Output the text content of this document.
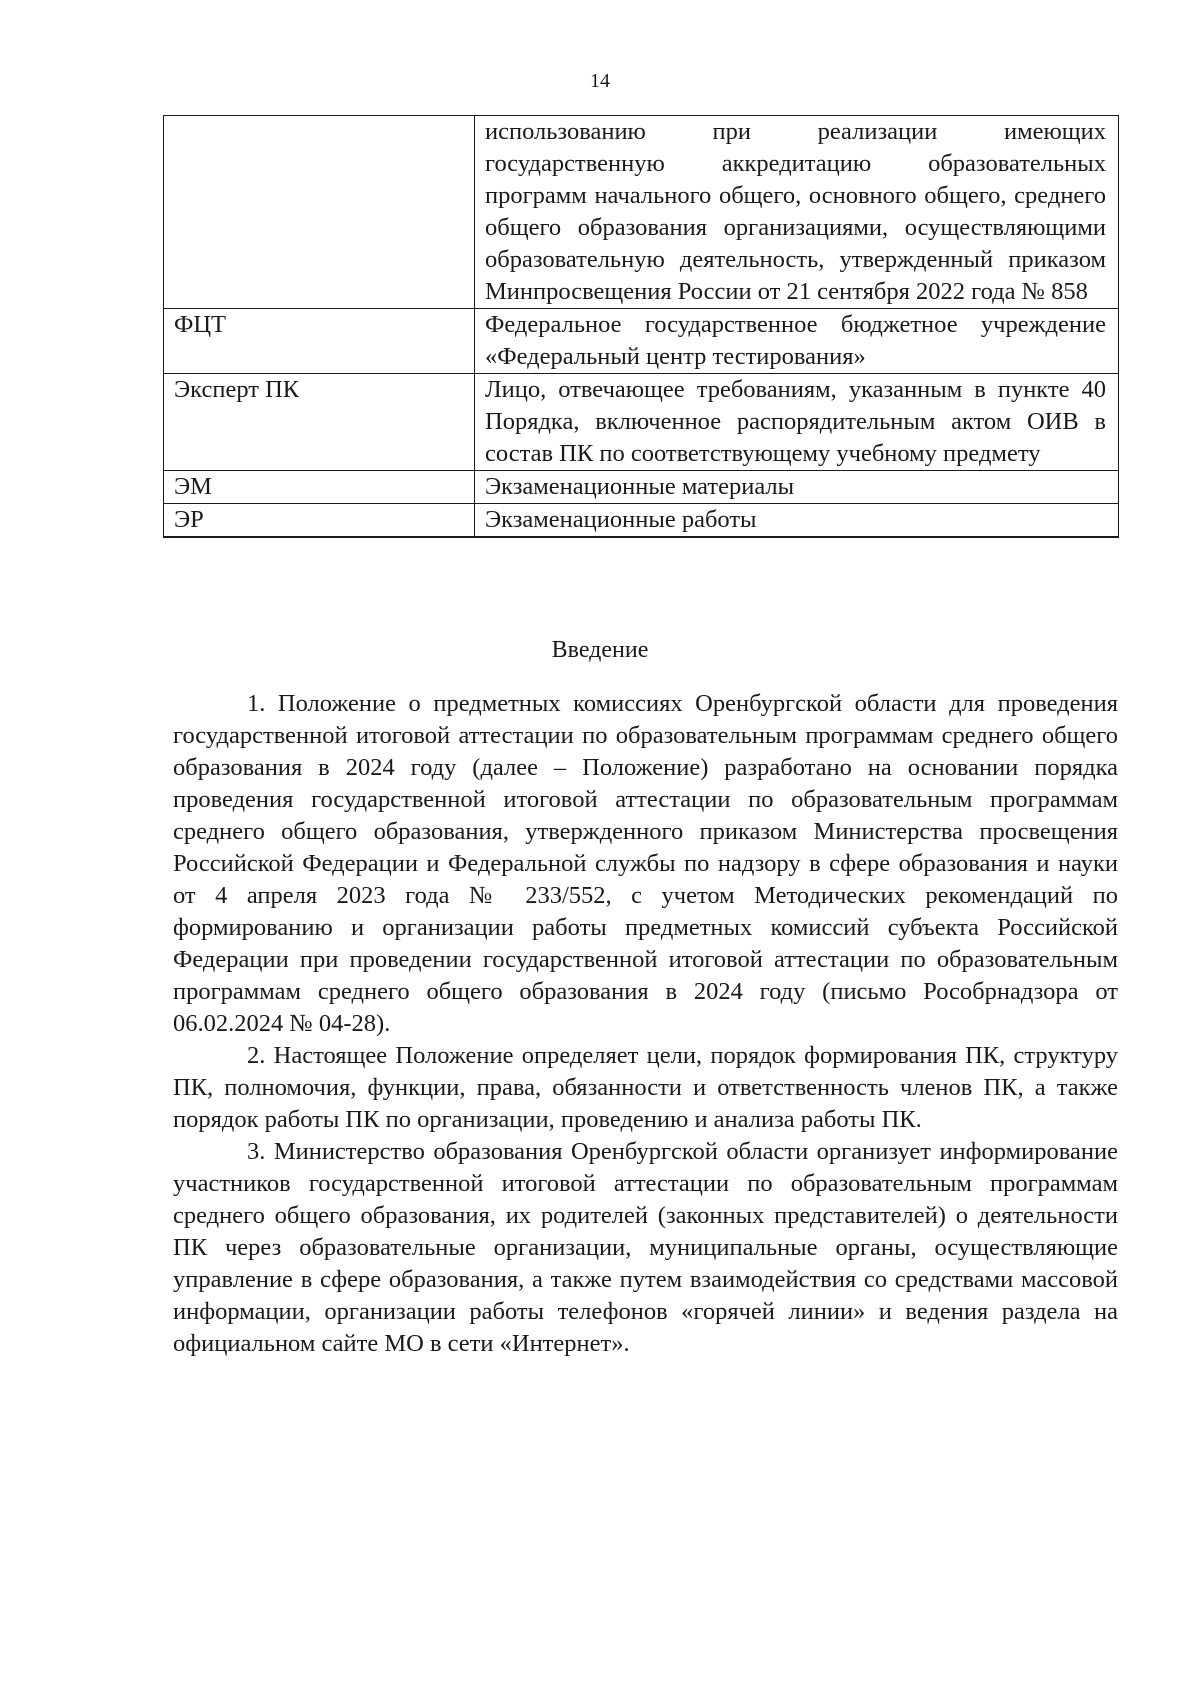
14
	использованию при реализации имеющих государственную аккредитацию образовательных программ начального общего, основного общего, среднего общего образования организациями, осуществляющими образовательную деятельность, утвержденный приказом Минпросвещения России от 21 сентября 2022 года № 858
ФЦТ	Федеральное государственное бюджетное учреждение «Федеральный центр тестирования»
Эксперт ПК	Лицо, отвечающее требованиям, указанным в пункте 40 Порядка, включенное распорядительным актом ОИВ в состав ПК по соответствующему учебному предмету
ЭМ	Экзаменационные материалы
ЭР	Экзаменационные работы
Введение

1. Положение о предметных комиссиях Оренбургской области для проведения государственной итоговой аттестации по образовательным программам среднего общего образования в 2024 году (далее – Положение) разработано на основании порядка проведения государственной итоговой аттестации по образовательным программам среднего общего образования, утвержденного приказом Министерства просвещения Российской Федерации и Федеральной службы по надзору в сфере образования и науки от 4 апреля 2023 года № 233/552, с учетом Методических рекомендаций по формированию и организации работы предметных комиссий субъекта Российской Федерации при проведении государственной итоговой аттестации по образовательным программам среднего общего образования в 2024 году (письмо Рособрнадзора от 06.02.2024 № 04-28).

2. Настоящее Положение определяет цели, порядок формирования ПК, структуру ПК, полномочия, функции, права, обязанности и ответственность членов ПК, а также порядок работы ПК по организации, проведению и анализа работы ПК.

3. Министерство образования Оренбургской области организует информирование участников государственной итоговой аттестации по образовательным программам среднего общего образования, их родителей (законных представителей) о деятельности ПК через образовательные организации, муниципальные органы, осуществляющие управление в сфере образования, а также путем взаимодействия со средствами массовой информации, организации работы телефонов «горячей линии» и ведения раздела на официальном сайте МО в сети «Интернет».
